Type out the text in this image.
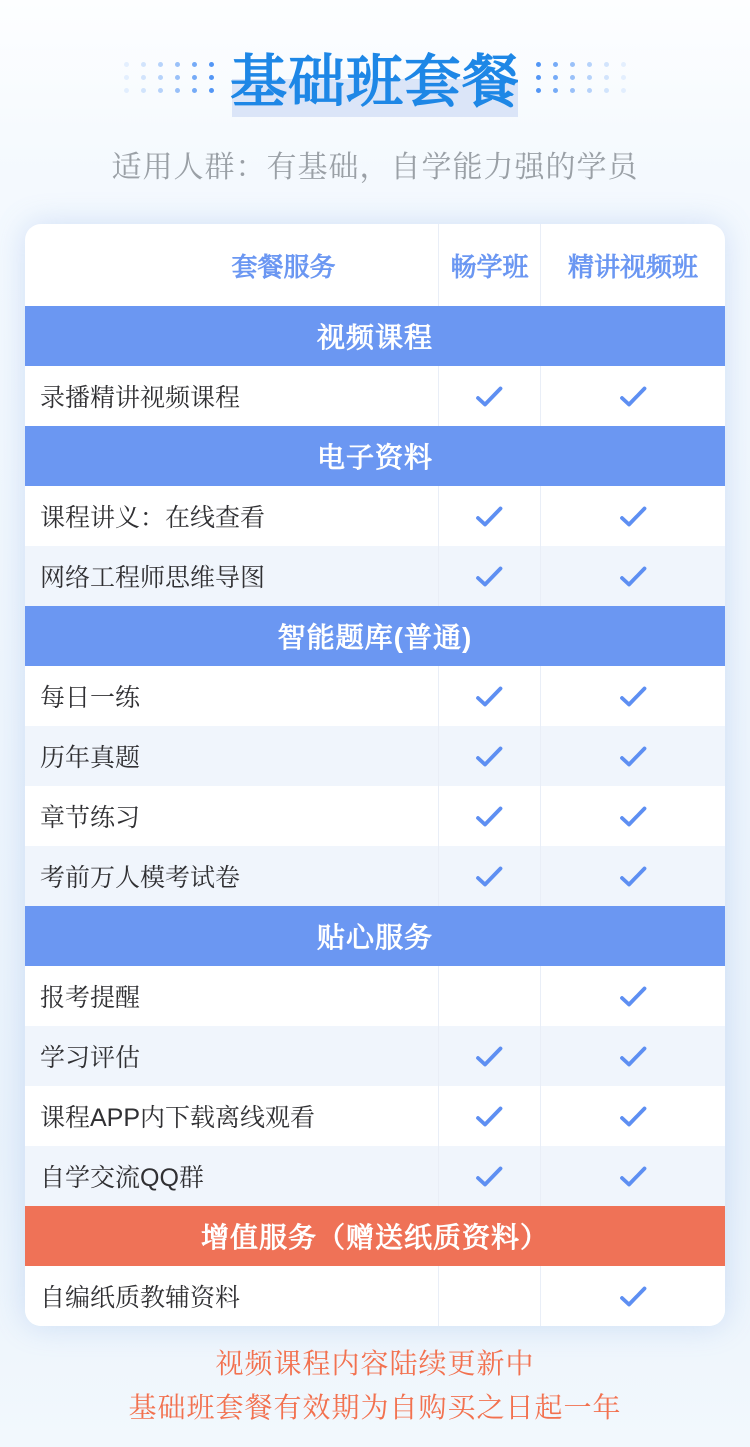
基础班套餐
适用人群：有基础，自学能力强的学员
套餐服务	畅学班	精讲视频班
视频课程
录播精讲视频课程
电子资料
课程讲义：在线查看
网络工程师思维导图
智能题库(普通)
每日一练
历年真题
章节练习
考前万人模考试卷
贴心服务
报考提醒
学习评估
课程APP内下载离线观看
自学交流QQ群
增值服务（赠送纸质资料）
自编纸质教辅资料
视频课程内容陆续更新中
基础班套餐有效期为自购买之日起一年
